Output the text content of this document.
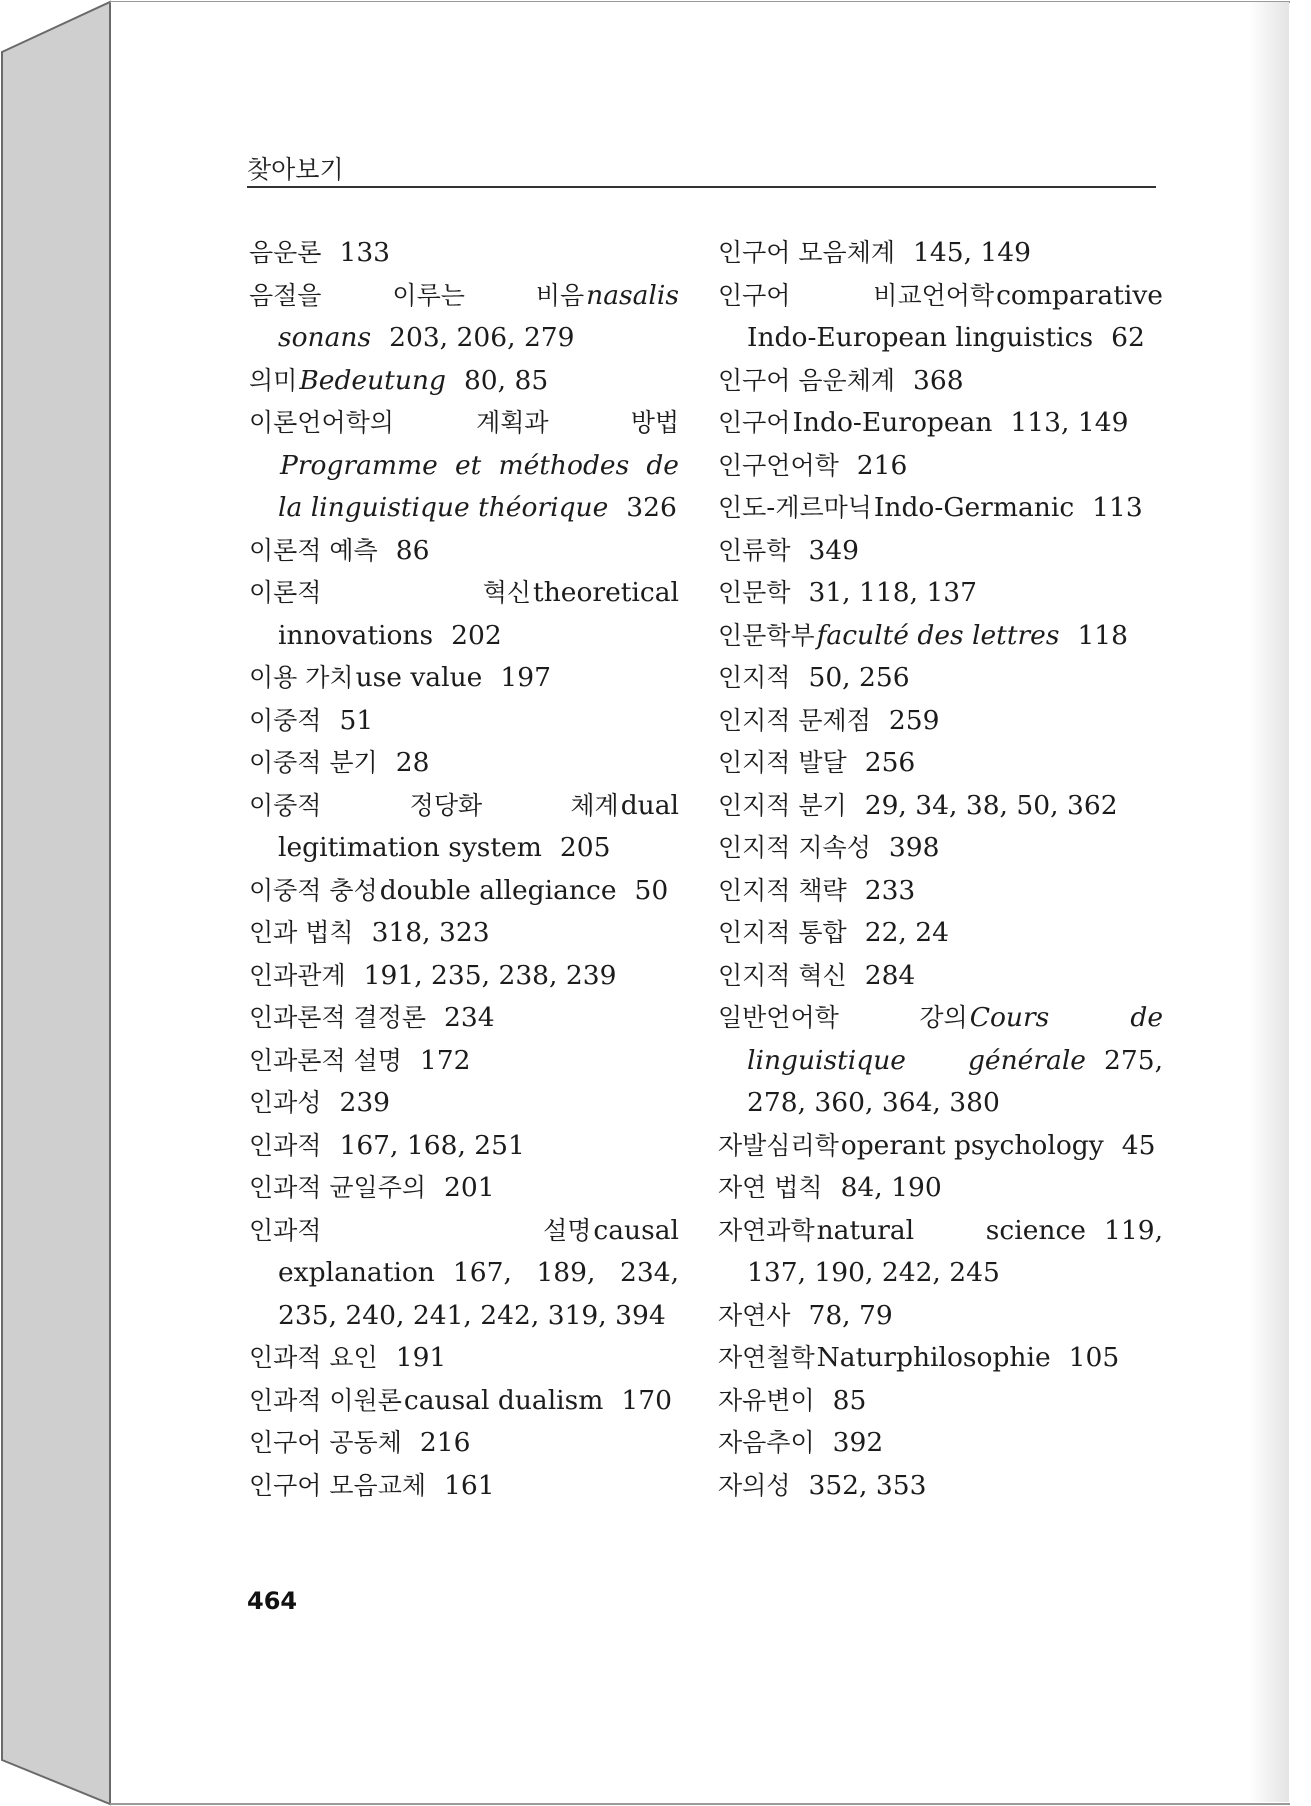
찾아보기
음운론 133
음절을 이루는 비음nasalis sonans 203, 206, 279
의미Bedeutung 80, 85
이론언어학의 계획과 방법Programme et méthodes de la linguistique théorique 326
이론적 예측 86
이론적 혁신theoretical innovations 202
이용 가치use value 197
이중적 51
이중적 분기 28
이중적 정당화 체계dual legitimation system 205
이중적 충성double allegiance 50
인과 법칙 318, 323
인과관계 191, 235, 238, 239
인과론적 결정론 234
인과론적 설명 172
인과성 239
인과적 167, 168, 251
인과적 균일주의 201
인과적 설명causal explanation 167, 189, 234, 235, 240, 241, 242, 319, 394
인과적 요인 191
인과적 이원론causal dualism 170
인구어 공동체 216
인구어 모음교체 161
인구어 모음체계 145, 149
인구어 비교언어학comparative Indo-European linguistics 62
인구어 음운체계 368
인구어Indo-European 113, 149
인구언어학 216
인도-게르마닉Indo-Germanic 113
인류학 349
인문학 31, 118, 137
인문학부faculté des lettres 118
인지적 50, 256
인지적 문제점 259
인지적 발달 256
인지적 분기 29, 34, 38, 50, 362
인지적 지속성 398
인지적 책략 233
인지적 통합 22, 24
인지적 혁신 284
일반언어학 강의Cours de linguistique générale 275, 278, 360, 364, 380
자발심리학operant psychology 45
자연 법칙 84, 190
자연과학natural science 119, 137, 190, 242, 245
자연사 78, 79
자연철학Naturphilosophie 105
자유변이 85
자음추이 392
자의성 352, 353
464
